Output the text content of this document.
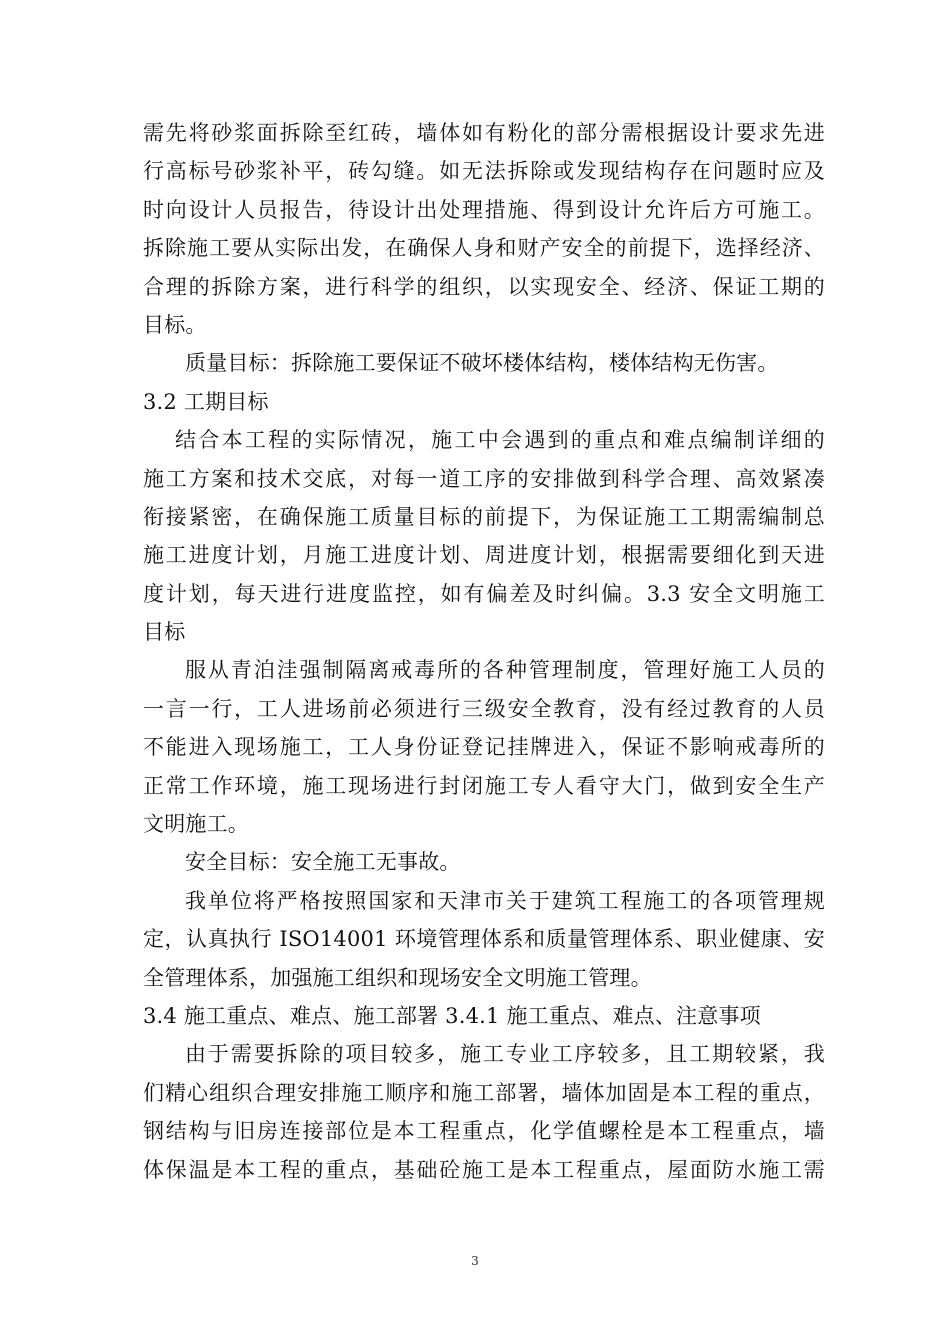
需先将砂浆面拆除至红砖，墙体如有粉化的部分需根据设计要求先进
行高标号砂浆补平，砖勾缝。如无法拆除或发现结构存在问题时应及
时向设计人员报告，待设计出处理措施、得到设计允许后方可施工。
拆除施工要从实际出发，在确保人身和财产安全的前提下，选择经济、
合理的拆除方案，进行科学的组织，以实现安全、经济、保证工期的
目标。
质量目标：拆除施工要保证不破坏楼体结构，楼体结构无伤害。
3.2 工期目标
结合本工程的实际情况，施工中会遇到的重点和难点编制详细的
施工方案和技术交底，对每一道工序的安排做到科学合理、高效紧凑
衔接紧密，在确保施工质量目标的前提下，为保证施工工期需编制总
施工进度计划，月施工进度计划、周进度计划，根据需要细化到天进
度计划，每天进行进度监控，如有偏差及时纠偏。3.3 安全文明施工
目标
服从青泊洼强制隔离戒毒所的各种管理制度，管理好施工人员的
一言一行，工人进场前必须进行三级安全教育，没有经过教育的人员
不能进入现场施工，工人身份证登记挂牌进入，保证不影响戒毒所的
正常工作环境，施工现场进行封闭施工专人看守大门，做到安全生产
文明施工。
安全目标：安全施工无事故。
我单位将严格按照国家和天津市关于建筑工程施工的各项管理规
定，认真执行 ISO14001 环境管理体系和质量管理体系、职业健康、安
全管理体系，加强施工组织和现场安全文明施工管理。
3.4 施工重点、难点、施工部署 3.4.1 施工重点、难点、注意事项
由于需要拆除的项目较多，施工专业工序较多，且工期较紧，我
们精心组织合理安排施工顺序和施工部署，墙体加固是本工程的重点，
钢结构与旧房连接部位是本工程重点，化学值螺栓是本工程重点，墙
体保温是本工程的重点，基础砼施工是本工程重点，屋面防水施工需
3
